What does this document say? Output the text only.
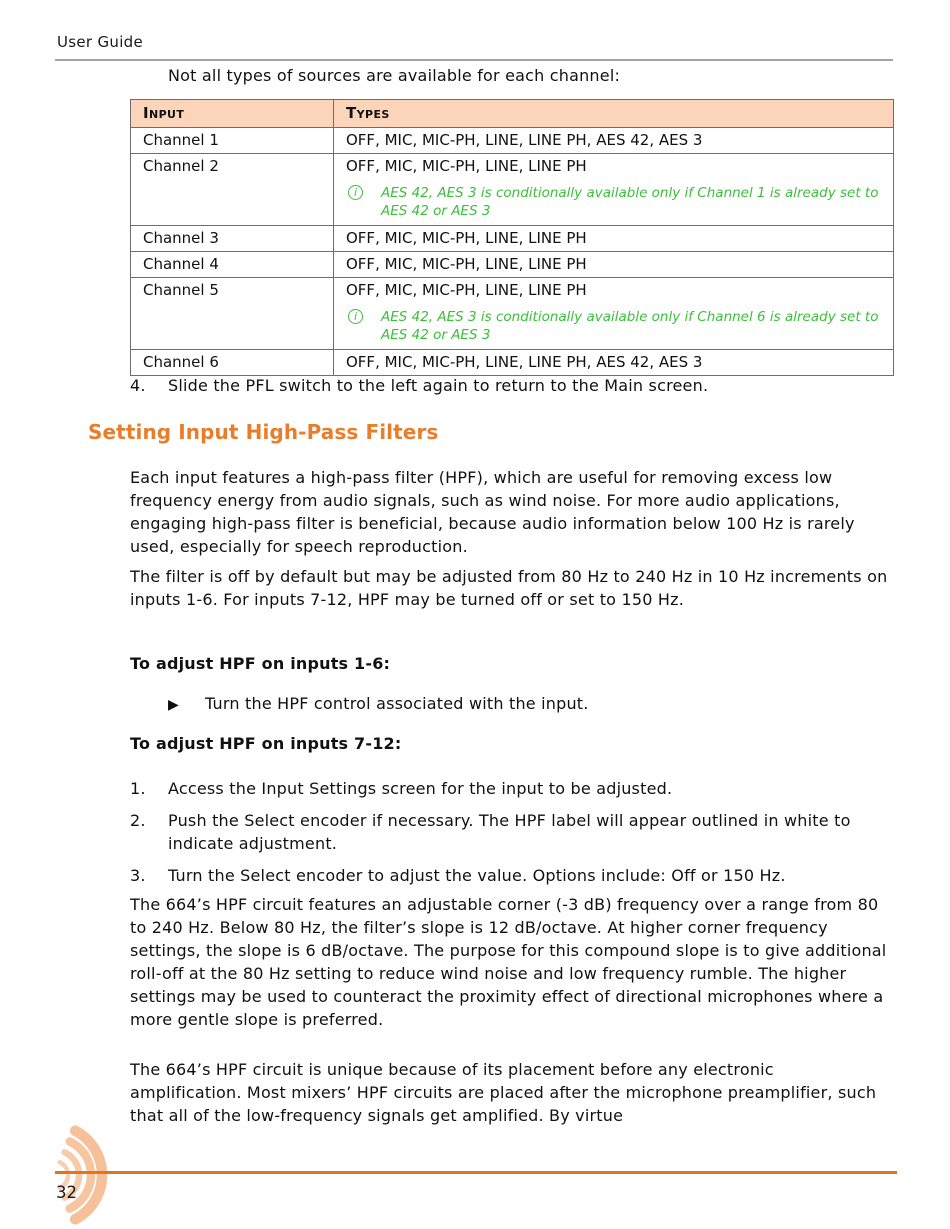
User Guide
Not all types of sources are available for each channel:
Input	Types
Channel 1	OFF, MIC, MIC-PH, LINE, LINE PH, AES 42, AES 3
Channel 2	OFF, MIC, MIC-PH, LINE, LINE PH
i AES 42, AES 3 is conditionally available only if Channel 1 is already set to AES 42 or AES 3

Channel 3	OFF, MIC, MIC-PH, LINE, LINE PH
Channel 4	OFF, MIC, MIC-PH, LINE, LINE PH
Channel 5	OFF, MIC, MIC-PH, LINE, LINE PH
i AES 42, AES 3 is conditionally available only if Channel 6 is already set to AES 42 or AES 3

Channel 6	OFF, MIC, MIC-PH, LINE, LINE PH, AES 42, AES 3
4.	Slide the PFL switch to the left again to return to the Main screen.
Setting Input High-Pass Filters
Each input features a high-pass filter (HPF), which are useful for removing excess low frequency energy from audio signals, such as wind noise. For more audio applications, engaging high-pass filter is beneficial, because audio information below 100 Hz is rarely used, especially for speech reproduction.
The filter is off by default but may be adjusted from 80 Hz to 240 Hz in 10 Hz increments on inputs 1-6. For inputs 7-12, HPF may be turned off or set to 150 Hz.
To adjust HPF on inputs 1-6:
▶	Turn the HPF control associated with the input.
To adjust HPF on inputs 7-12:
1.	Access the Input Settings screen for the input to be adjusted.
2.	Push the Select encoder if necessary. The HPF label will appear outlined in white to indicate adjustment.
3.	Turn the Select encoder to adjust the value. Options include: Off or 150 Hz.
The 664’s HPF circuit features an adjustable corner (-3 dB) frequency over a range from 80 to 240 Hz. Below 80 Hz, the filter’s slope is 12 dB/octave. At higher corner frequency settings, the slope is 6 dB/octave. The purpose for this compound slope is to give additional roll-off at the 80 Hz setting to reduce wind noise and low frequency rumble. The higher settings may be used to counteract the proximity effect of directional microphones where a more gentle slope is preferred.
The 664’s HPF circuit is unique because of its placement before any electronic amplification. Most mixers’ HPF circuits are placed after the microphone preamplifier, such that all of the low-frequency signals get amplified. By virtue
32
